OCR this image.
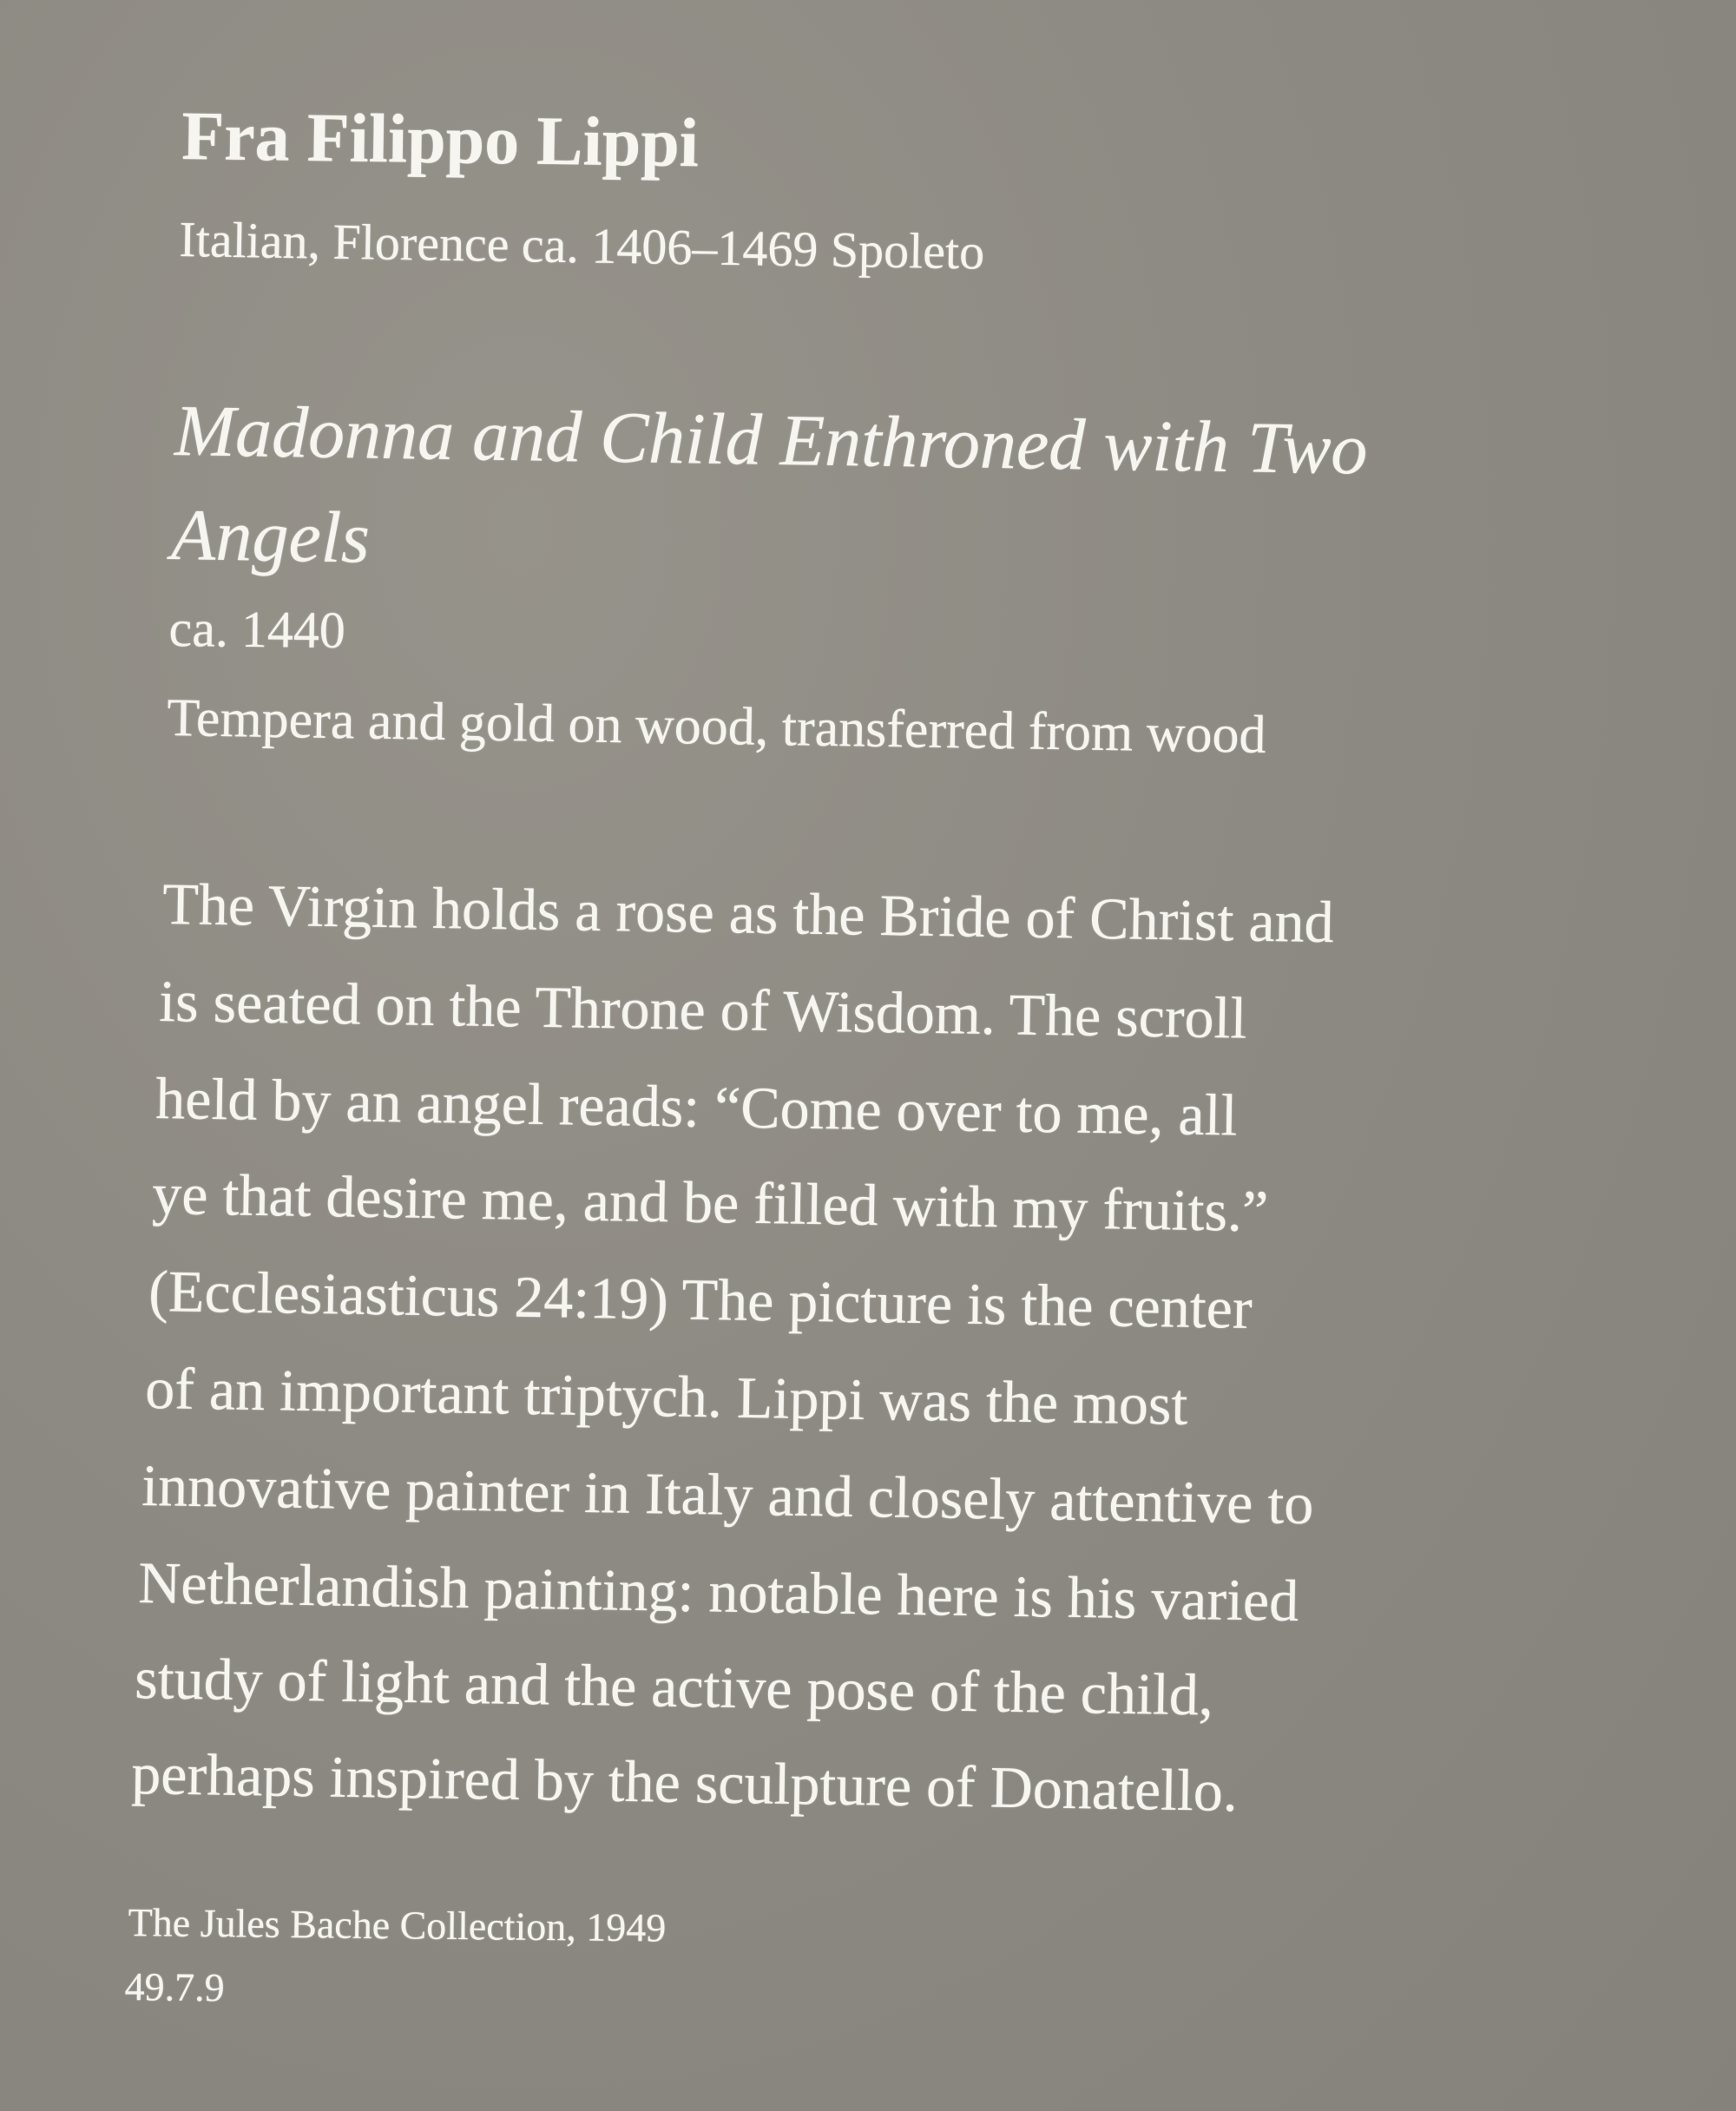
Fra Filippo Lippi
Italian, Florence ca. 1406–1469 Spoleto
Madonna and Child Enthroned with Two
Angels
ca. 1440
Tempera and gold on wood, transferred from wood
The Virgin holds a rose as the Bride of Christ and
is seated on the Throne of Wisdom. The scroll
held by an angel reads: “Come over to me, all
ye that desire me, and be filled with my fruits.”
(Ecclesiasticus 24:19) The picture is the center
of an important triptych. Lippi was the most
innovative painter in Italy and closely attentive to
Netherlandish painting: notable here is his varied
study of light and the active pose of the child,
perhaps inspired by the sculpture of Donatello.
The Jules Bache Collection, 1949
49.7.9
